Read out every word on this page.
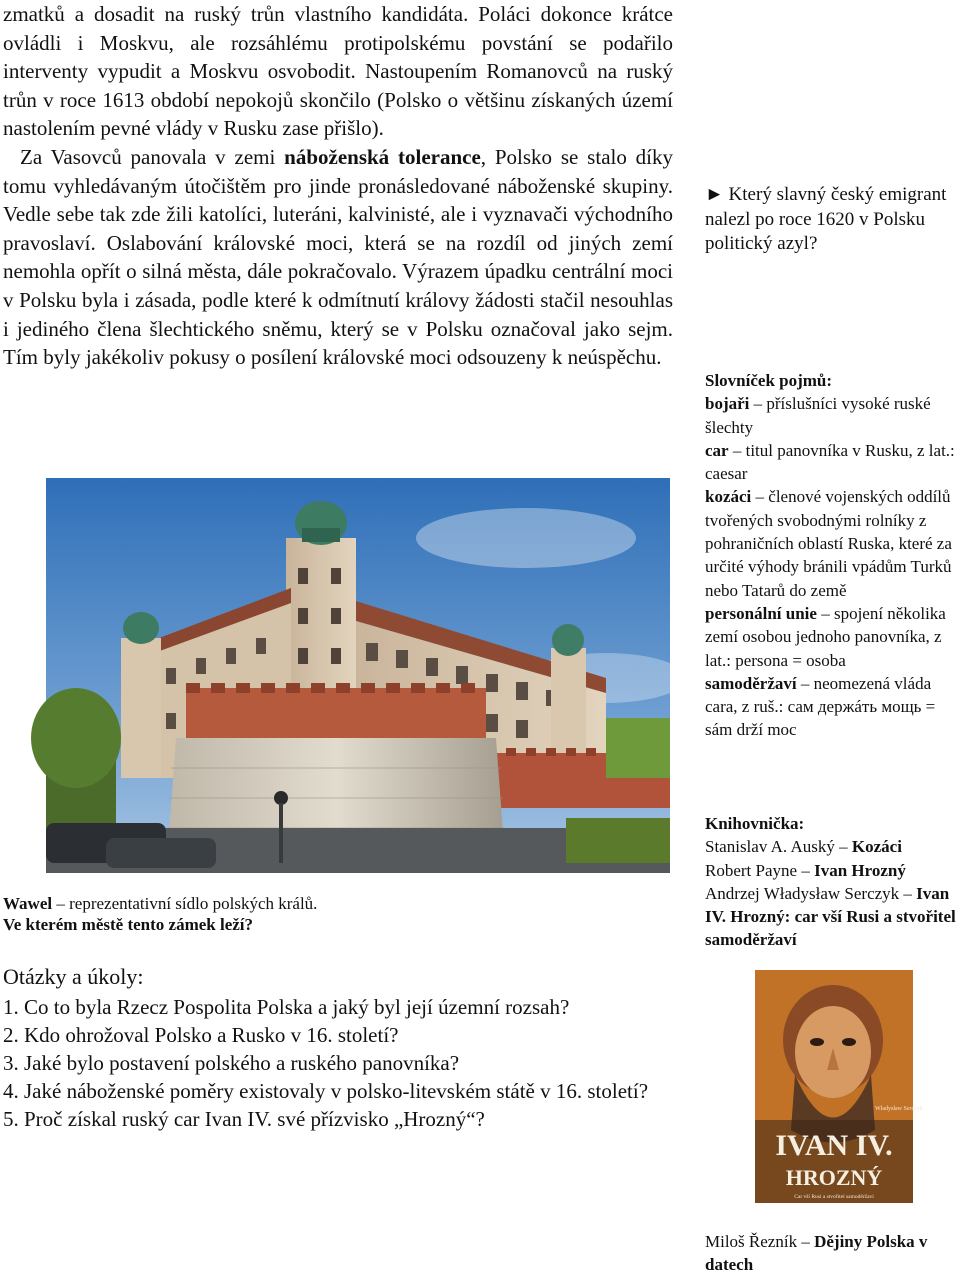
zmatků a dosadit na ruský trůn vlastního kandidáta. Poláci dokonce krátce ovládli i Moskvu, ale rozsáhlému protipolskému povstání se podařilo interventy vypudit a Moskvu osvobodit. Nastoupením Romanovců na ruský trůn v roce 1613 období nepokojů skončilo (Polsko o většinu získaných území nastolením pevné vlády v Rusku zase přišlo).

Za Vasovců panovala v zemi náboženská tolerance, Polsko se stalo díky tomu vyhledávaným útočištěm pro jinde pronásledované náboženské skupiny. Vedle sebe tak zde žili katolíci, luteráni, kalvinisté, ale i vyznavači východního pravoslaví. Oslabování královské moci, která se na rozdíl od jiných zemí nemohla opřít o silná města, dále pokračovalo. Výrazem úpadku centrální moci v Polsku byla i zásada, podle které k odmítnutí královy žádosti stačil nesouhlas i jediného člena šlechtického sněmu, který se v Polsku označoval jako sejm. Tím byly jakékoliv pokusy o posílení královské moci odsouzeny k neúspěchu.

Wawel – reprezentativní sídlo polských králů.
Ve kterém městě tento zámek leží?
Otázky a úkoly:
1. Co to byla Rzecz Pospolita Polska a jaký byl její územní rozsah?
2. Kdo ohrožoval Polsko a Rusko v 16. století?
3. Jaké bylo postavení polského a ruského panovníka?
4. Jaké náboženské poměry existovaly v polsko-litevském státě v 16. století?
5. Proč získal ruský car Ivan IV. své přízvisko „Hrozný“?
► Který slavný český emigrant nalezl po roce 1620 v Polsku politický azyl?
Slovníček pojmů:
bojaři – příslušníci vysoké ruské šlechty
car – titul panovníka v Rusku, z lat.: caesar
kozáci – členové vojenských oddílů tvořených svobodnými rolníky z pohraničních oblastí Ruska, které za určité výhody bránili vpádům Turků nebo Tatarů do země
personální unie – spojení několika zemí osobou jednoho panovníka, z lat.: persona = osoba
samoděržaví – neomezená vláda cara, z ruš.: сам держáть мощь = sám drží moc
Knihovnička:
Stanislav A. Auský – Kozáci
Robert Payne – Ivan Hrozný
Andrzej Władysław Serczyk – Ivan IV. Hrozný: car vší Rusi a stvořitel samoděržaví
Władysław Serczyk
IVAN IV.
HROZNÝ
Car vší Rusi a stvořitel samoděržaví
Miloš Řezník – Dějiny Polska v datech
